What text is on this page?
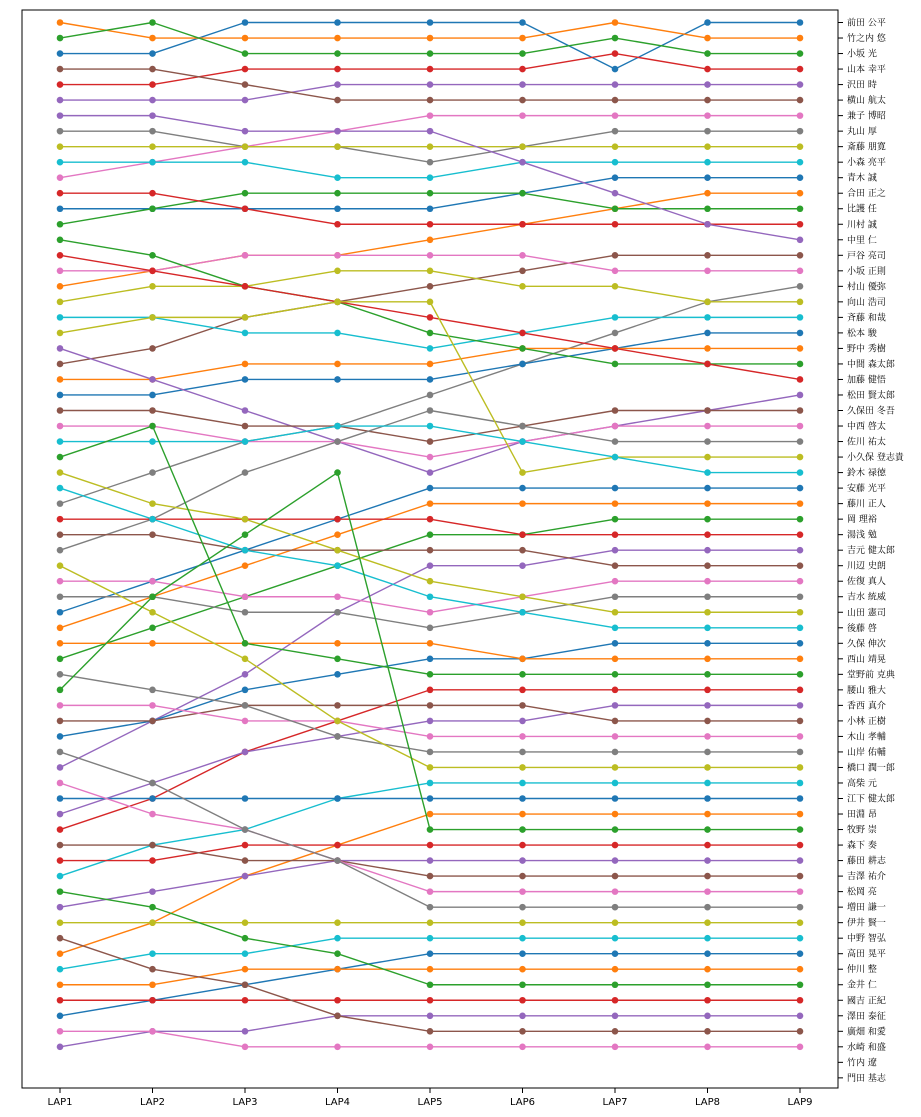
LAP1	LAP2	LAP3	LAP4	LAP5	LAP6	LAP7	LAP8	LAP9
前田 公平
竹之内 悠
小坂 光
山本 幸平
沢田 時
横山 航太
兼子 博昭
丸山 厚
斎藤 朋寛
小森 亮平
青木 誠
合田 正之
比護 任
川村 誠
中里 仁
戸谷 亮司
小坂 正則
村山 優弥
向山 浩司
斉藤 和哉
松本 駿
野中 秀樹
中間 森太郎
加藤 健悟
松田 賢太郎
久保田 冬吾
中西 啓太
佐川 祐太
小久保 登志貴
鈴木 禄徳
安藤 光平
藤川 正人
岡 理裕
湯浅 勉
吉元 健太郎
川辺 史朗
佐復 真人
吉水 統威
山田 憲司
後藤 啓
久保 伸次
西山 靖晃
堂野前 克典
腰山 雅大
香西 真介
小林 正樹
木山 孝輔
山岸 佑輔
橋口 潤一郎
高柴 元
江下 健太郎
田淵 昂
牧野 崇
森下 奏
藤田 耕志
吉澤 祐介
松岡 亮
増田 謙一
伊井 賢一
中野 智弘
高田 晃平
仲川 整
金井 仁
國吉 正紀
澤田 泰征
廣畑 和愛
水崎 和盛
竹内 遼
門田 基志
